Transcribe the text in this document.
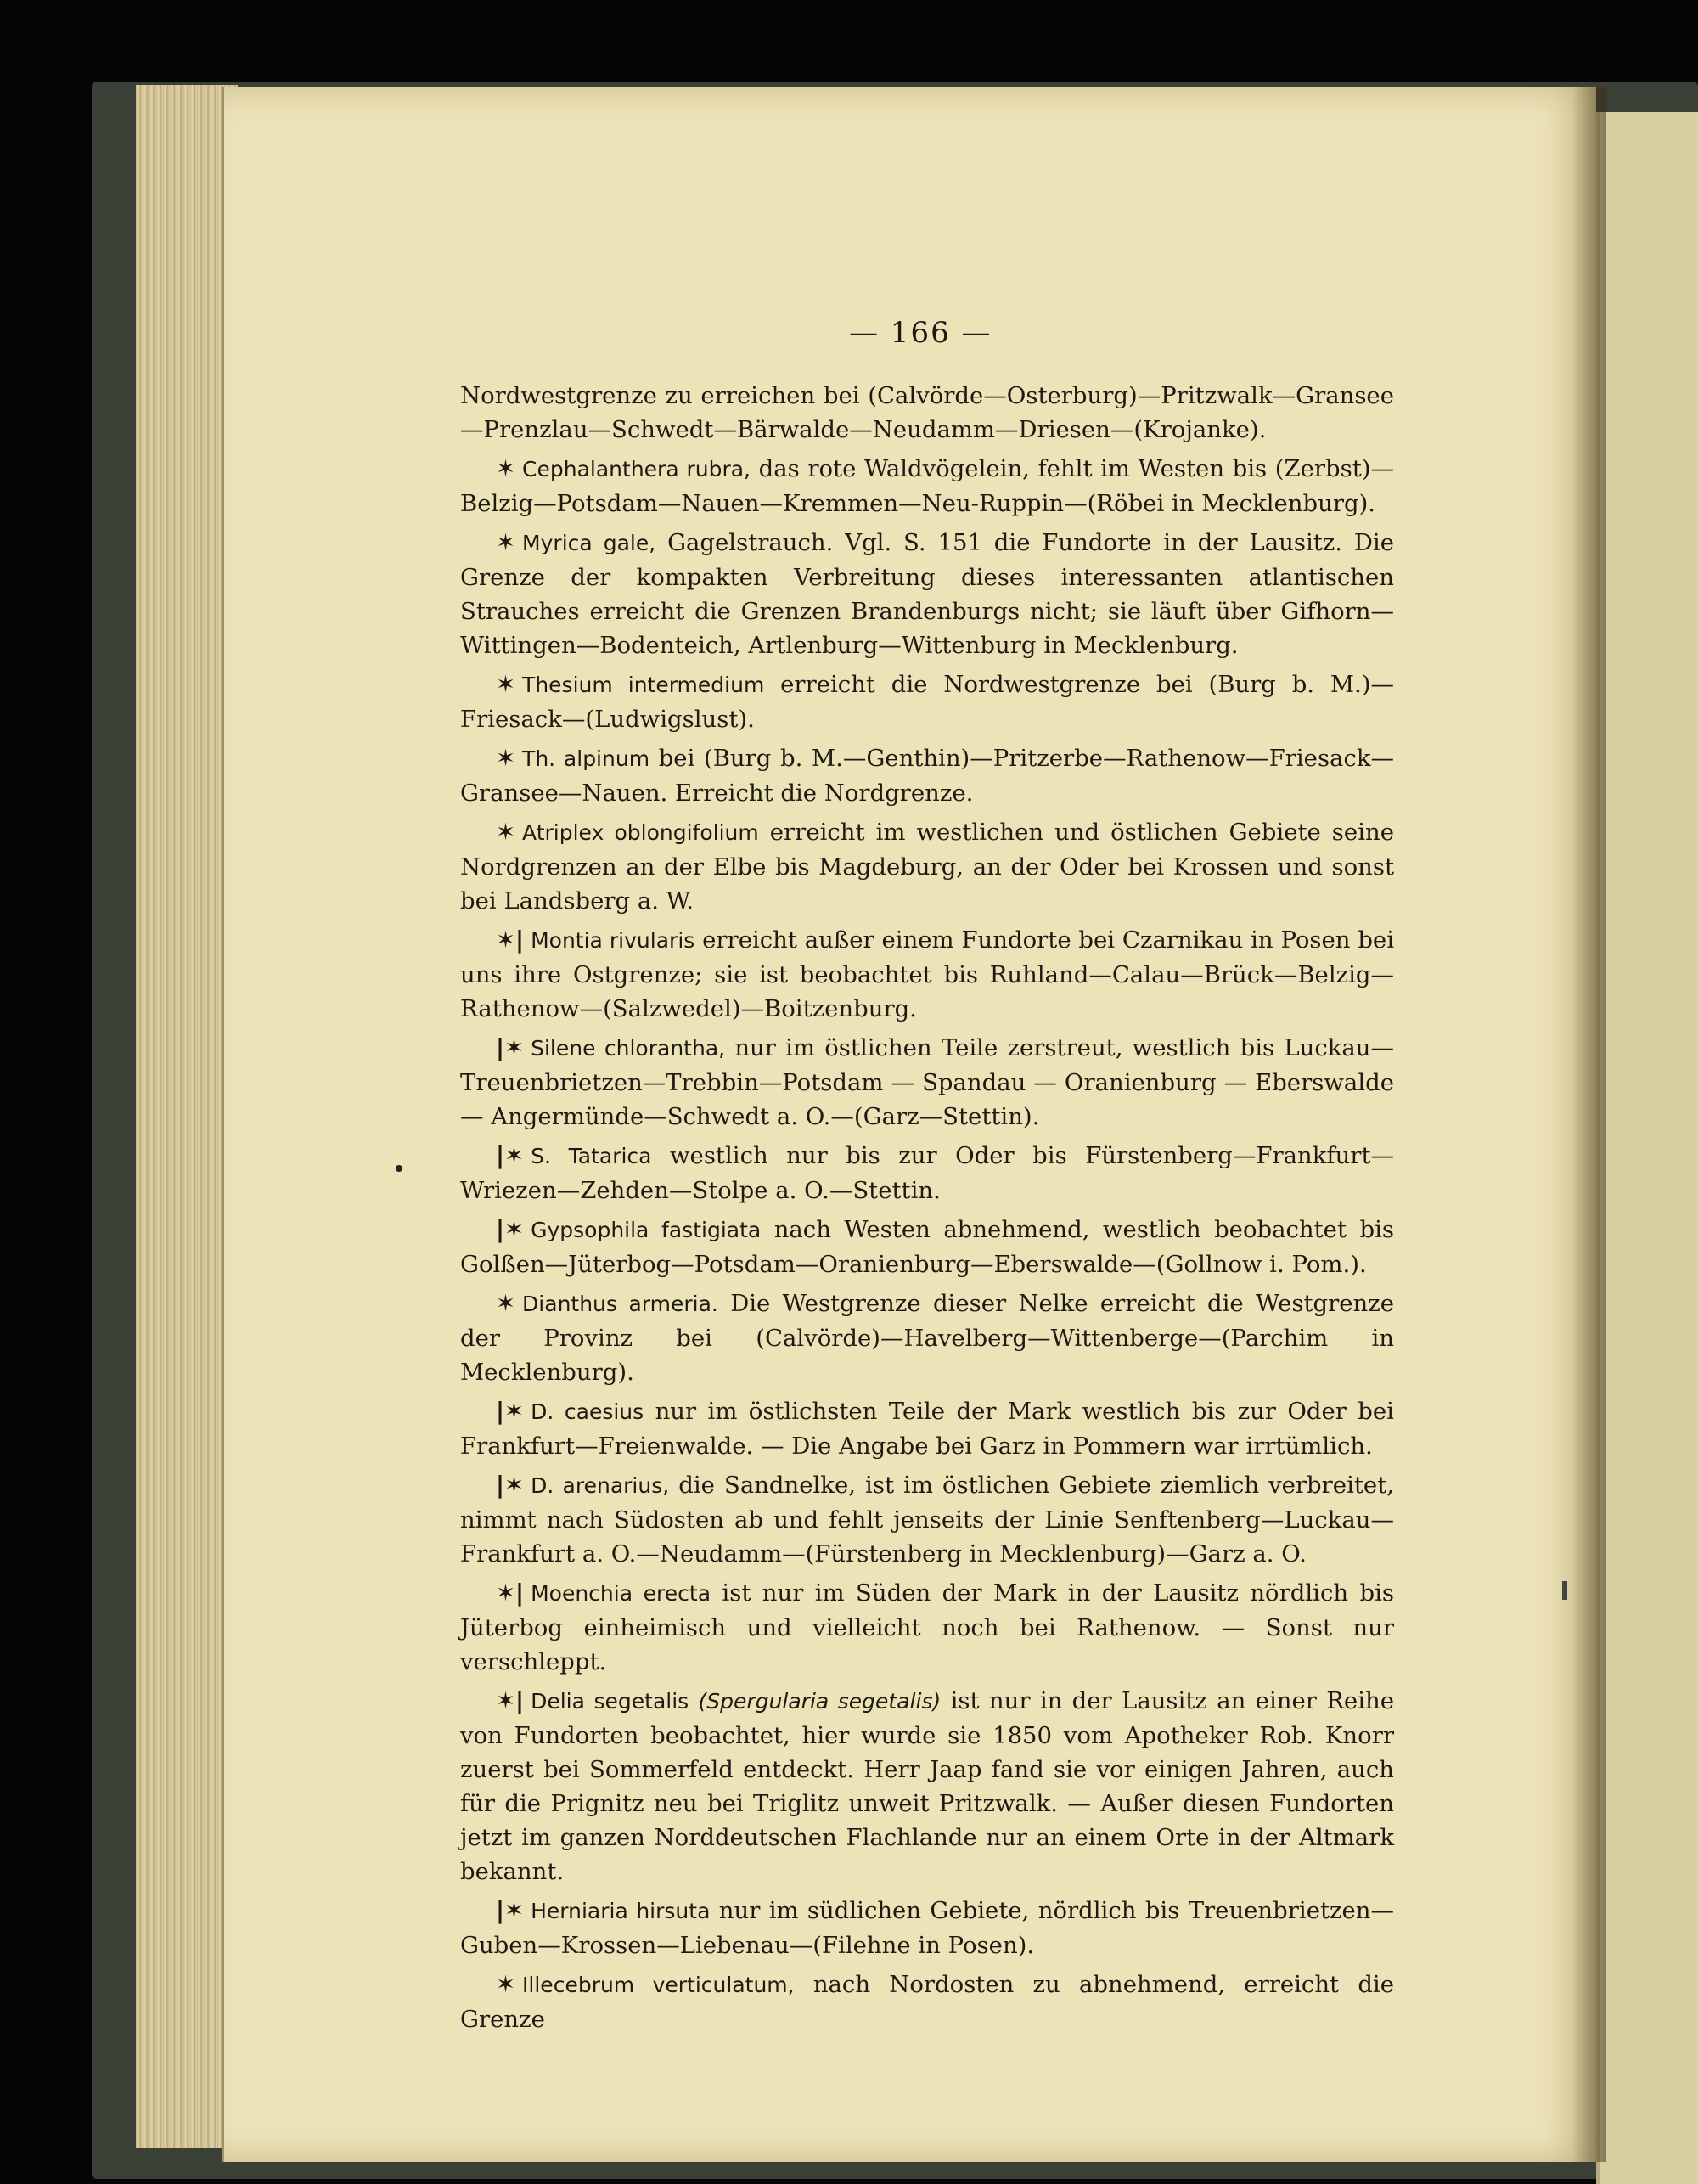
— 166 —

Nordwestgrenze zu erreichen bei (Calvörde—Osterburg)—Pritzwalk—Gransee—Prenzlau—Schwedt—Bärwalde—Neudamm—Driesen—(Krojanke).

✶ Cephalanthera rubra, das rote Waldvögelein, fehlt im Westen bis (Zerbst)—Belzig—Potsdam—Nauen—Kremmen—Neu-Ruppin—(Röbei in Mecklenburg).

✶ Myrica gale, Gagelstrauch. Vgl. S. 151 die Fundorte in der Lausitz. Die Grenze der kompakten Verbreitung dieses interessanten atlantischen Strauches erreicht die Grenzen Brandenburgs nicht; sie läuft über Gifhorn—Wittingen—Bodenteich, Artlenburg—Wittenburg in Mecklenburg.

✶ Thesium intermedium erreicht die Nordwestgrenze bei (Burg b. M.)—Friesack—(Ludwigslust).

✶ Th. alpinum bei (Burg b. M.—Genthin)—Pritzerbe—Rathenow—Friesack—Gransee—Nauen. Erreicht die Nordgrenze.

✶ Atriplex oblongifolium erreicht im westlichen und östlichen Gebiete seine Nordgrenzen an der Elbe bis Magdeburg, an der Oder bei Krossen und sonst bei Landsberg a. W.

✶| Montia rivularis erreicht außer einem Fundorte bei Czarnikau in Posen bei uns ihre Ostgrenze; sie ist beobachtet bis Ruhland—Calau—Brück—Belzig—Rathenow—(Salzwedel)—Boitzenburg.

|✶ Silene chlorantha, nur im östlichen Teile zerstreut, westlich bis Luckau—Treuenbrietzen—Trebbin—Potsdam — Spandau — Oranienburg — Eberswalde — Angermünde—Schwedt a. O.—(Garz—Stettin).

|✶ S. Tatarica westlich nur bis zur Oder bis Fürstenberg—Frankfurt—Wriezen—Zehden—Stolpe a. O.—Stettin.

|✶ Gypsophila fastigiata nach Westen abnehmend, westlich beobachtet bis Golßen—Jüterbog—Potsdam—Oranienburg—Eberswalde—(Gollnow i. Pom.).

✶ Dianthus armeria. Die Westgrenze dieser Nelke erreicht die Westgrenze der Provinz bei (Calvörde)—Havelberg—Wittenberge—(Parchim in Mecklenburg).

|✶ D. caesius nur im östlichsten Teile der Mark westlich bis zur Oder bei Frankfurt—Freienwalde. — Die Angabe bei Garz in Pommern war irrtümlich.

|✶ D. arenarius, die Sandnelke, ist im östlichen Gebiete ziemlich verbreitet, nimmt nach Südosten ab und fehlt jenseits der Linie Senftenberg—Luckau—Frankfurt a. O.—Neudamm—(Fürstenberg in Mecklenburg)—Garz a. O.

✶| Moenchia erecta ist nur im Süden der Mark in der Lausitz nördlich bis Jüterbog einheimisch und vielleicht noch bei Rathenow. — Sonst nur verschleppt.

✶| Delia segetalis (Spergularia segetalis) ist nur in der Lausitz an einer Reihe von Fundorten beobachtet, hier wurde sie 1850 vom Apotheker Rob. Knorr zuerst bei Sommerfeld entdeckt. Herr Jaap fand sie vor einigen Jahren, auch für die Prignitz neu bei Triglitz unweit Pritzwalk. — Außer diesen Fundorten jetzt im ganzen Norddeutschen Flachlande nur an einem Orte in der Altmark bekannt.

|✶ Herniaria hirsuta nur im südlichen Gebiete, nördlich bis Treuenbrietzen—Guben—Krossen—Liebenau—(Filehne in Posen).

✶ Illecebrum verticulatum, nach Nordosten zu abnehmend, erreicht die Grenze
